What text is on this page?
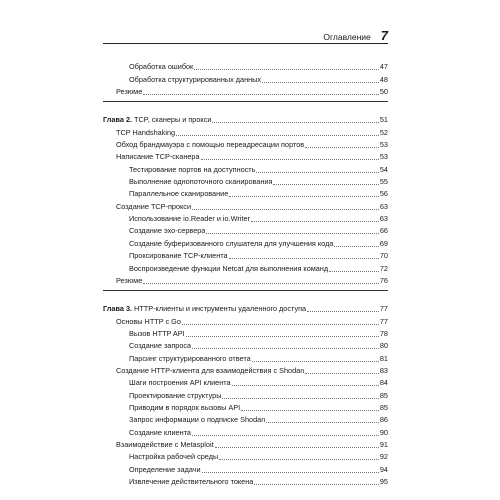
Оглавление 7
Обработка ошибок	47
Обработка структурированных данных	48
Резюме	50
Глава 2. TCP, сканеры и прокси	51
TCP Handshaking	52
Обход брандмауэра с помощью переадресации портов	53
Написание TCP-сканера	53
Тестирование портов на доступность	54
Выполнение однопоточного сканирования	55
Параллельное сканирование	56
Создание TCP-прокси	63
Использование io.Reader и io.Writer	63
Создание эхо-сервера	66
Создание буферизованного слушателя для улучшения кода	69
Проксирование TCP-клиента	70
Воспроизведение функции Netcat для выполнения команд	72
Резюме	76
Глава 3. HTTP-клиенты и инструменты удаленного доступа	77
Основы HTTP с Go	77
Вызов HTTP API	78
Создание запроса	80
Парсинг структурированного ответа	81
Создание HTTP-клиента для взаимодействия с Shodan	83
Шаги построения API клиента	84
Проектирование структуры	85
Приводим в порядок вызовы API	85
Запрос информации о подписке Shodan	86
Создание клиента	90
Взаимодействие с Metasploit	91
Настройка рабочей среды	92
Определение задачи	94
Извлечение действительного токена	95
